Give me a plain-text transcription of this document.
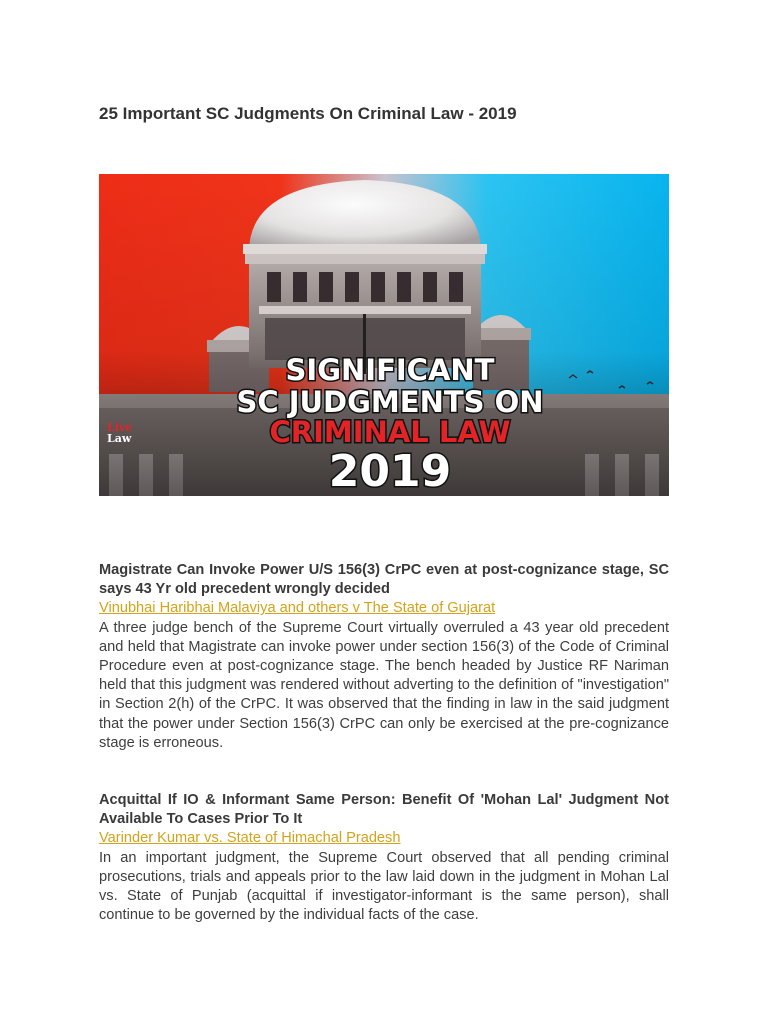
25 Important SC Judgments On Criminal Law - 2019
Live
Law
SIGNIFICANT
SC JUDGMENTS ON
CRIMINAL LAW
2019

Magistrate Can Invoke Power U/S 156(3) CrPC even at post-cognizance stage, SC says 43 Yr old precedent wrongly decided

Vinubhai Haribhai Malaviya and others v The State of Gujarat

A three judge bench of the Supreme Court virtually overruled a 43 year old precedent and held that Magistrate can invoke power under section 156(3) of the Code of Criminal Procedure even at post-cognizance stage. The bench headed by Justice RF Nariman held that this judgment was rendered without adverting to the definition of "investigation" in Section 2(h) of the CrPC. It was observed that the finding in law in the said judgment that the power under Section 156(3) CrPC can only be exercised at the pre-cognizance stage is erroneous.

Acquittal If IO & Informant Same Person: Benefit Of 'Mohan Lal' Judgment Not Available To Cases Prior To It

Varinder Kumar vs. State of Himachal Pradesh

In an important judgment, the Supreme Court observed that all pending criminal prosecutions, trials and appeals prior to the law laid down in the judgment in Mohan Lal vs. State of Punjab (acquittal if investigator-informant is the same person), shall continue to be governed by the individual facts of the case.
